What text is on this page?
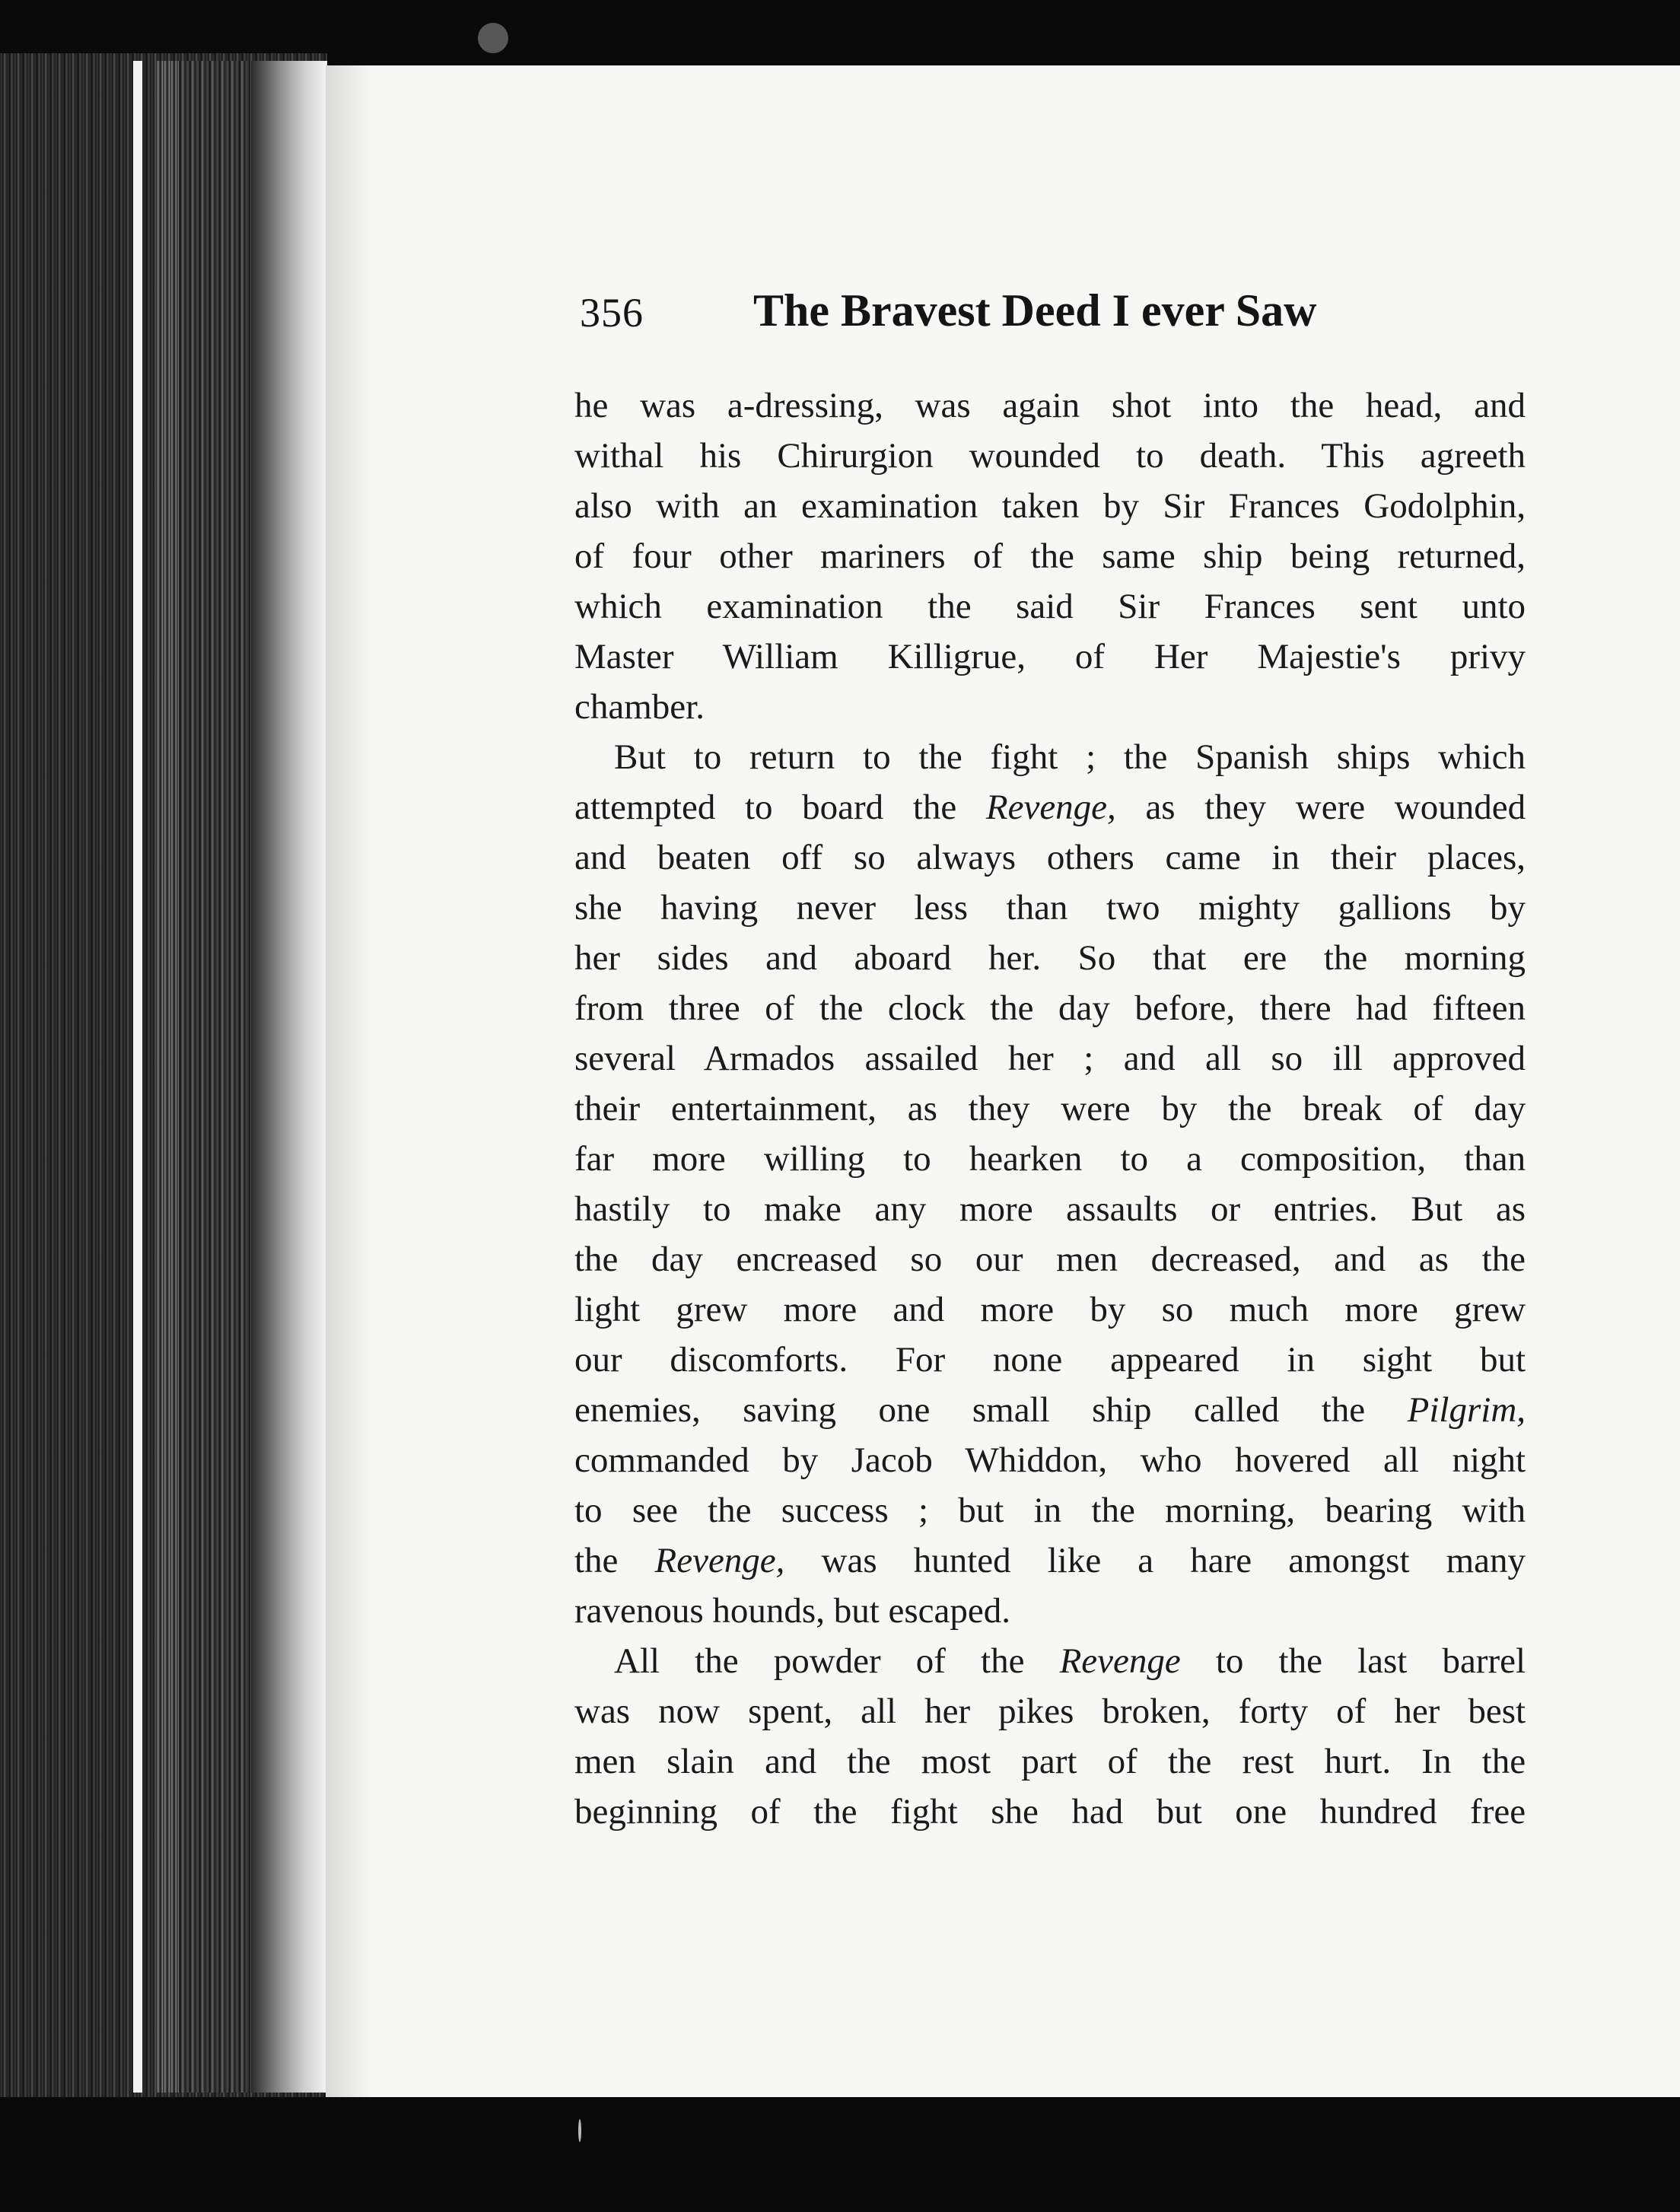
356 The Bravest Deed I ever Saw
he was a-dressing, was again shot into the head, and
withal his Chirurgion wounded to death. This agreeth
also with an examination taken by Sir Frances Godolphin,
of four other mariners of the same ship being returned,
which examination the said Sir Frances sent unto
Master William Killigrue, of Her Majestie's privy
chamber.
But to return to the fight ; the Spanish ships which
attempted to board the Revenge, as they were wounded
and beaten off so always others came in their places,
she having never less than two mighty gallions by
her sides and aboard her. So that ere the morning
from three of the clock the day before, there had fifteen
several Armados assailed her ; and all so ill approved
their entertainment, as they were by the break of day
far more willing to hearken to a composition, than
hastily to make any more assaults or entries. But as
the day encreased so our men decreased, and as the
light grew more and more by so much more grew
our discomforts. For none appeared in sight but
enemies, saving one small ship called the Pilgrim,
commanded by Jacob Whiddon, who hovered all night
to see the success ; but in the morning, bearing with
the Revenge, was hunted like a hare amongst many
ravenous hounds, but escaped.
All the powder of the Revenge to the last barrel
was now spent, all her pikes broken, forty of her best
men slain and the most part of the rest hurt. In the
beginning of the fight she had but one hundred free
